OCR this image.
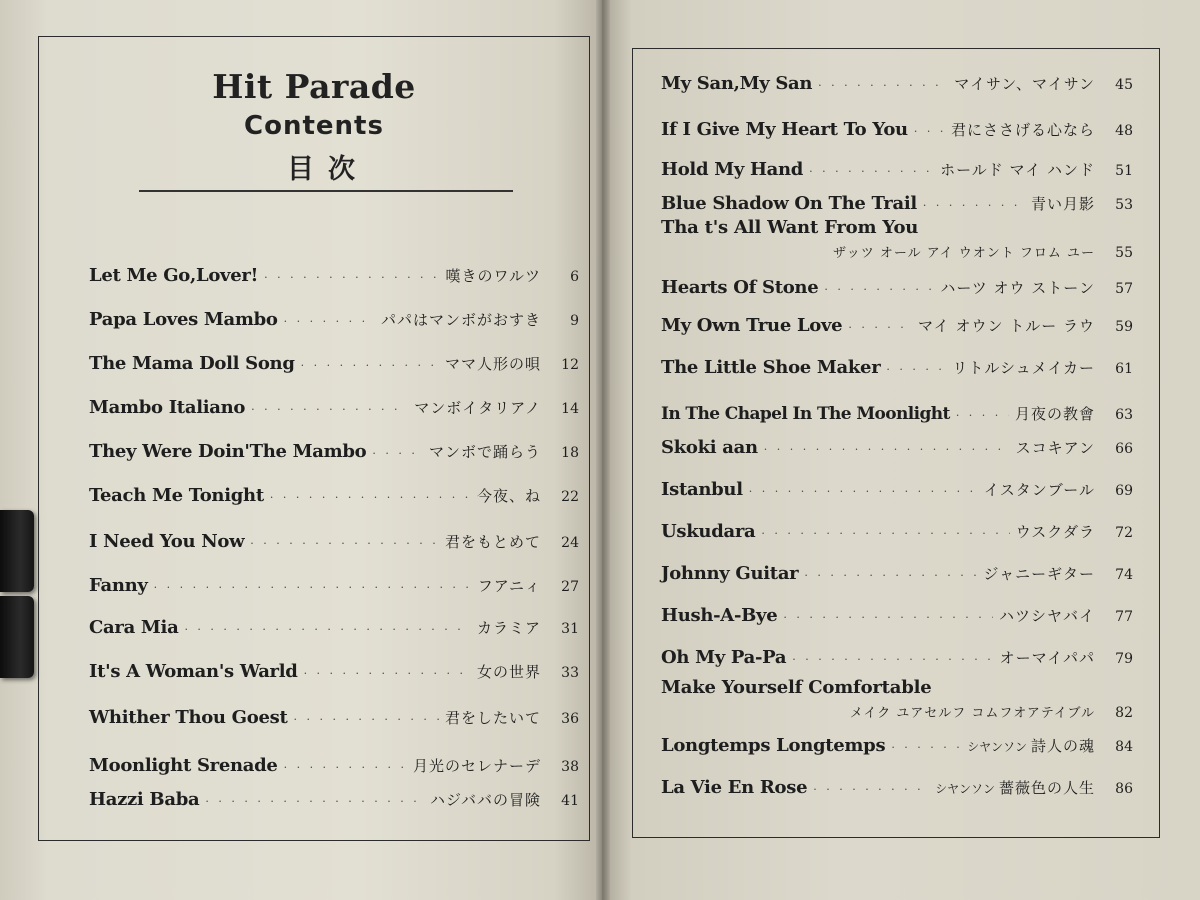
Hit Parade
Contents
目次
Let Me Go,Lover! · · ·	嘆きのワルツ	6
Papa Loves Mambo · · ·	パパはマンボがおすき	9
The Mama Doll Song · · ·	ママ人形の唄	12
Mambo Italiano · · ·	マンボイタリアノ	14
They Were Doin'The Mambo · · ·	マンボで踊らう	18
Teach Me Tonight · · ·	今夜、ね	22
I Need You Now · · ·	君をもとめて	24
Fanny · · ·	フアニィ	27
Cara Mia · · ·	カラミア	31
It's A Woman's Warld · · ·	女の世界	33
Whither Thou Goest · · ·	君をしたいて	36
Moonlight Srenade · · ·	月光のセレナーデ	38
Hazzi Baba · · ·	ハジババの冒険	41
My San,My San · · ·	マイサン、マイサン	45
If I Give My Heart To You · · ·	君にささげる心なら	48
Hold My Hand · · ·	ホールド マイ ハンド	51
Blue Shadow On The Trail · · ·	青い月影	53
Tha t's All Want From You
ザッツ オール アイ ウオント フロム ユー	55
Hearts Of Stone · · ·	ハーツ オウ ストーン	57
My Own True Love · · ·	マイ オウン トルー ラウ	59
The Little Shoe Maker · · ·	リトルシュメイカー	61
In The Chapel In The Moonlight · · ·	月夜の教會	63
Skoki aan · · ·	スコキアン	66
Istanbul · · ·	イスタンブール	69
Uskudara · · ·	ウスクダラ	72
Johnny Guitar · · ·	ジャニーギター	74
Hush-A-Bye · · ·	ハツシヤバイ	77
Oh My Pa-Pa · · ·	オーマイパパ	79
Make Yourself Comfortable
メイク ユアセルフ コムフオアテイブル	82
Longtemps Longtemps · · ·	シヤンソン 詩人の魂	84
La Vie En Rose · · ·	シヤンソン 薔薇色の人生	86
